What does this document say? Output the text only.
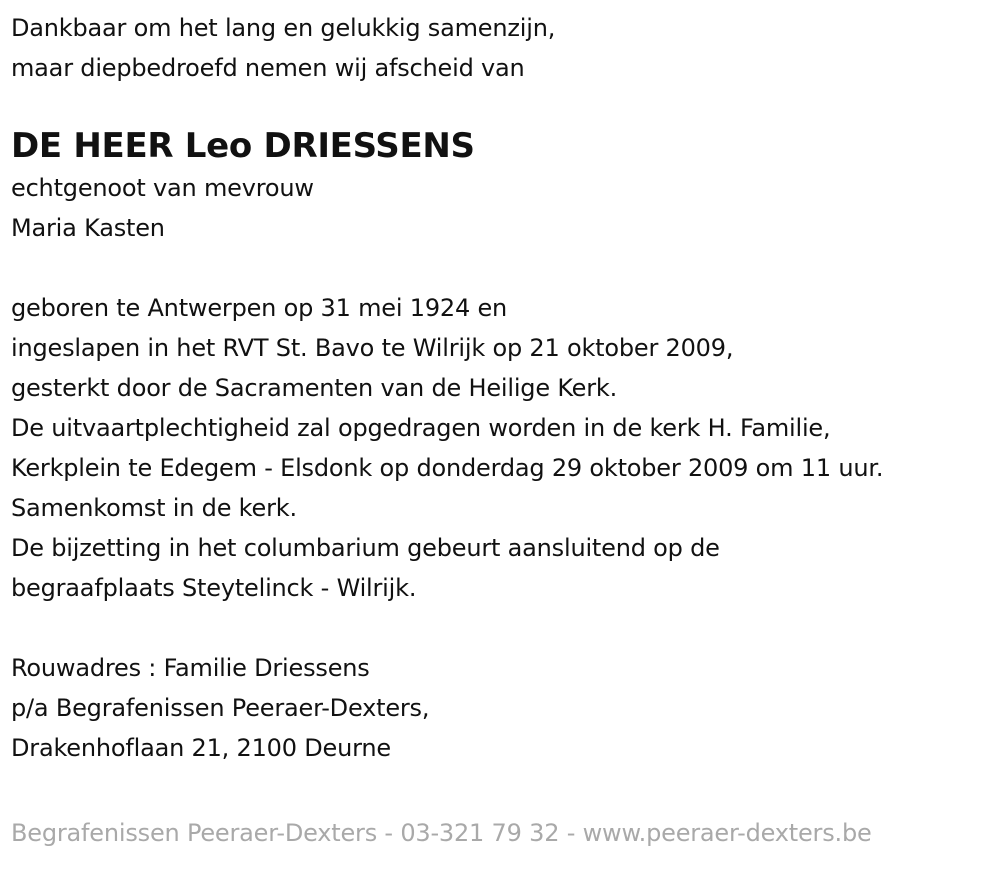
Dankbaar om het lang en gelukkig samenzijn,
maar diepbedroefd nemen wij afscheid van
DE HEER Leo DRIESSENS
echtgenoot van mevrouw
Maria Kasten
geboren te Antwerpen op 31 mei 1924 en
ingeslapen in het RVT St. Bavo te Wilrijk op 21 oktober 2009,
gesterkt door de Sacramenten van de Heilige Kerk.
De uitvaartplechtigheid zal opgedragen worden in de kerk H. Familie,
Kerkplein te Edegem - Elsdonk op donderdag 29 oktober 2009 om 11 uur.
Samenkomst in de kerk.
De bijzetting in het columbarium gebeurt aansluitend op de
begraafplaats Steytelinck - Wilrijk.
Rouwadres : Familie Driessens
p/a Begrafenissen Peeraer-Dexters,
Drakenhoflaan 21, 2100 Deurne
Begrafenissen Peeraer-Dexters - 03-321 79 32 - www.peeraer-dexters.be
